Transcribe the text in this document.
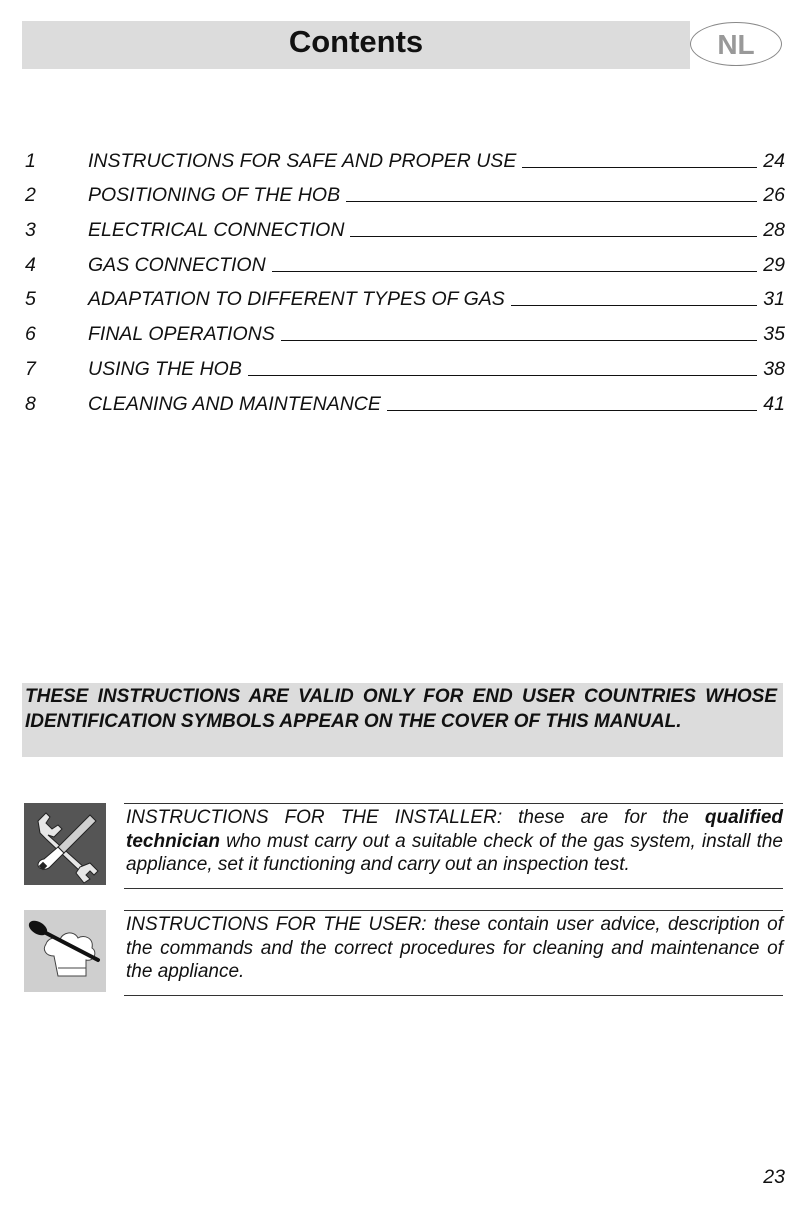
Contents	NL
1	INSTRUCTIONS FOR SAFE AND PROPER USE	24
2	POSITIONING OF THE HOB	26
3	ELECTRICAL CONNECTION	28
4	GAS CONNECTION	29
5	ADAPTATION TO DIFFERENT TYPES OF GAS	31
6	FINAL OPERATIONS	35
7	USING THE HOB	38
8	CLEANING AND MAINTENANCE	41

THESE INSTRUCTIONS ARE VALID ONLY FOR END USER COUNTRIES WHOSE IDENTIFICATION SYMBOLS APPEAR ON THE COVER OF THIS MANUAL.

INSTRUCTIONS FOR THE INSTALLER: these are for the qualified technician who must carry out a suitable check of the gas system, install the appliance, set it functioning and carry out an inspection test.

INSTRUCTIONS FOR THE USER: these contain user advice, description of the commands and the correct procedures for cleaning and maintenance of the appliance.

23
